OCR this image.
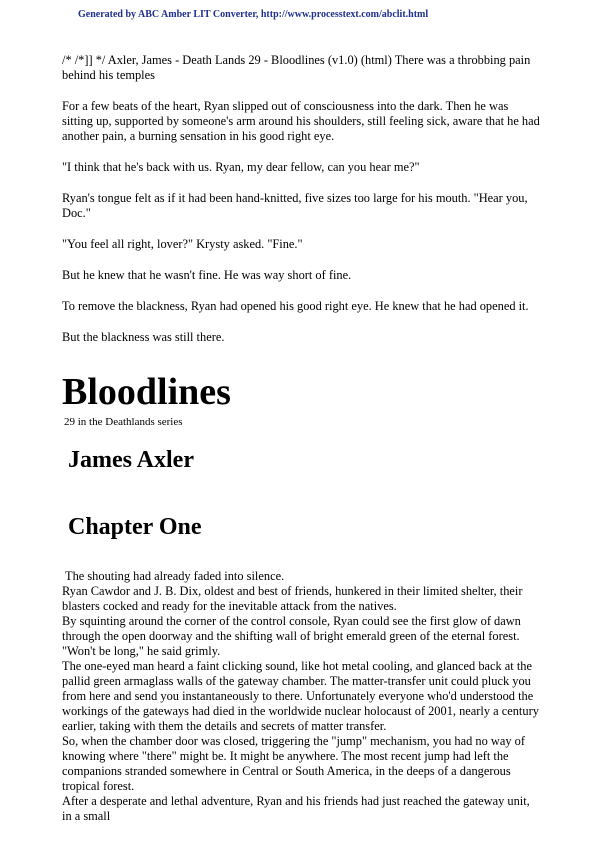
Generated by ABC Amber LIT Converter, http://www.processtext.com/abclit.html

/* /*]] */ Axler, James - Death Lands 29 - Bloodlines (v1.0) (html) There was a throbbing pain behind his temples

For a few beats of the heart, Ryan slipped out of consciousness into the dark. Then he was sitting up, supported by someone's arm around his shoulders, still feeling sick, aware that he had another pain, a burning sensation in his good right eye.

"I think that he's back with us. Ryan, my dear fellow, can you hear me?"

Ryan's tongue felt as if it had been hand-knitted, five sizes too large for his mouth. "Hear you, Doc."

"You feel all right, lover?" Krysty asked. "Fine."

But he knew that he wasn't fine. He was way short of fine.

To remove the blackness, Ryan had opened his good right eye. He knew that he had opened it.

But the blackness was still there.

Bloodlines
29 in the Deathlands series
James Axler
Chapter One

The shouting had already faded into silence.

Ryan Cawdor and J. B. Dix, oldest and best of friends, hunkered in their limited shelter, their blasters cocked and ready for the inevitable attack from the natives.

By squinting around the corner of the control console, Ryan could see the first glow of dawn through the open doorway and the shifting wall of bright emerald green of the eternal forest.

"Won't be long," he said grimly.

The one-eyed man heard a faint clicking sound, like hot metal cooling, and glanced back at the pallid green armaglass walls of the gateway chamber. The matter-transfer unit could pluck you from here and send you instantaneously to there. Unfortunately everyone who'd understood the workings of the gateways had died in the worldwide nuclear holocaust of 2001, nearly a century earlier, taking with them the details and secrets of matter transfer.

So, when the chamber door was closed, triggering the "jump" mechanism, you had no way of knowing where "there" might be. It might be anywhere. The most recent jump had left the companions stranded somewhere in Central or South America, in the deeps of a dangerous tropical forest.

After a desperate and lethal adventure, Ryan and his friends had just reached the gateway unit, in a small
